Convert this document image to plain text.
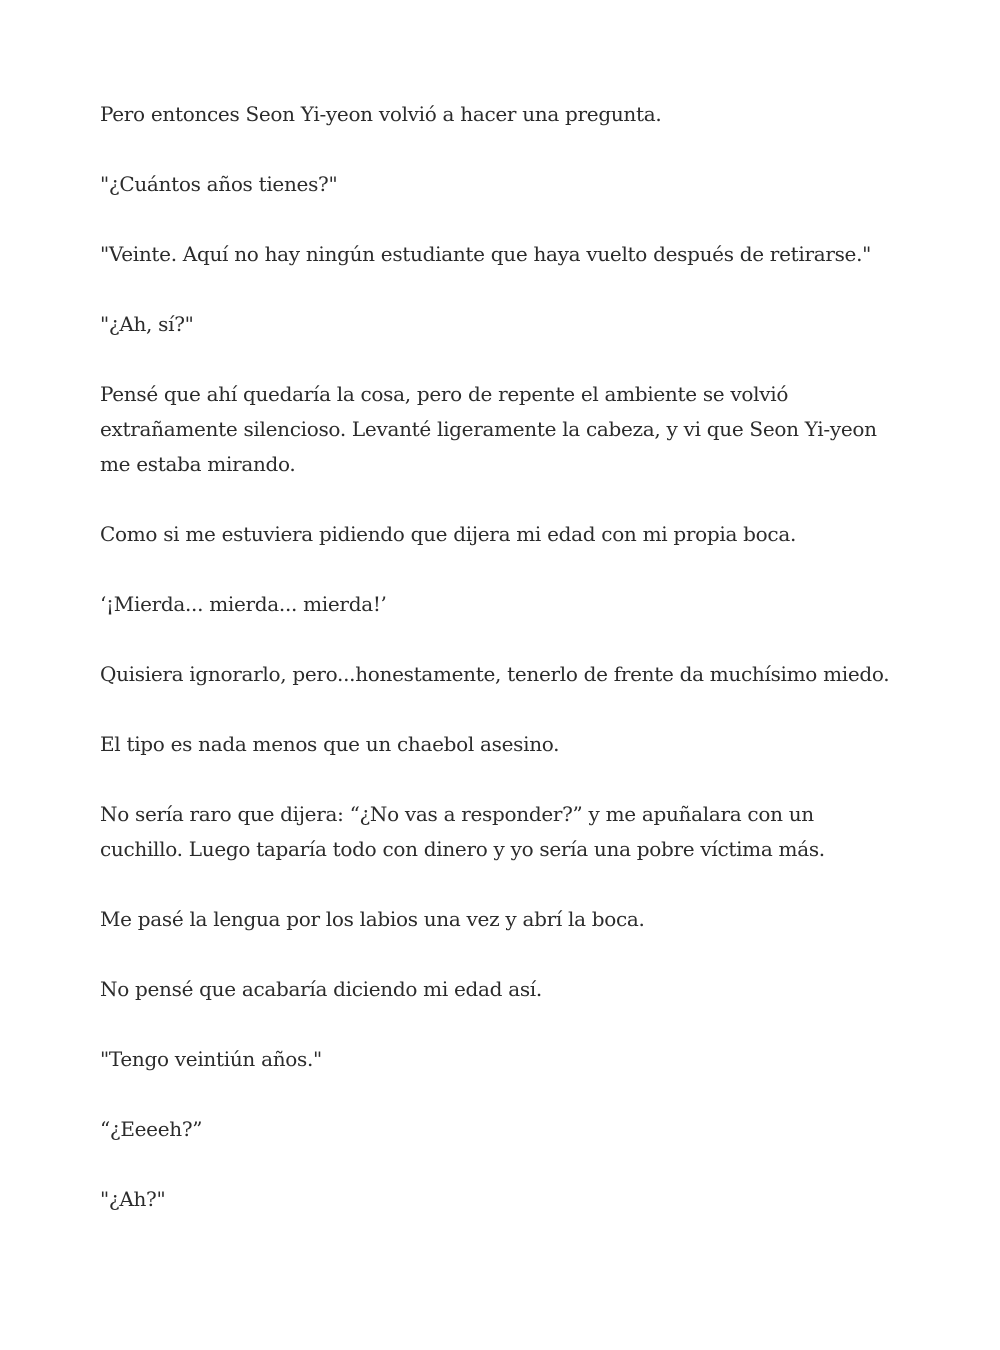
Pero entonces Seon Yi-yeon volvió a hacer una pregunta.

"¿Cuántos años tienes?"

"Veinte. Aquí no hay ningún estudiante que haya vuelto después de retirarse."

"¿Ah, sí?"

Pensé que ahí quedaría la cosa, pero de repente el ambiente se volvió extrañamente silencioso. Levanté ligeramente la cabeza, y vi que Seon Yi-yeon me estaba mirando.

Como si me estuviera pidiendo que dijera mi edad con mi propia boca.

‘¡Mierda... mierda... mierda!’

Quisiera ignorarlo, pero...honestamente, tenerlo de frente da muchísimo miedo.

El tipo es nada menos que un chaebol asesino.

No sería raro que dijera: “¿No vas a responder?” y me apuñalara con un cuchillo. Luego taparía todo con dinero y yo sería una pobre víctima más.

Me pasé la lengua por los labios una vez y abrí la boca.

No pensé que acabaría diciendo mi edad así.

"Tengo veintiún años."

“¿Eeeeh?”

"¿Ah?"
